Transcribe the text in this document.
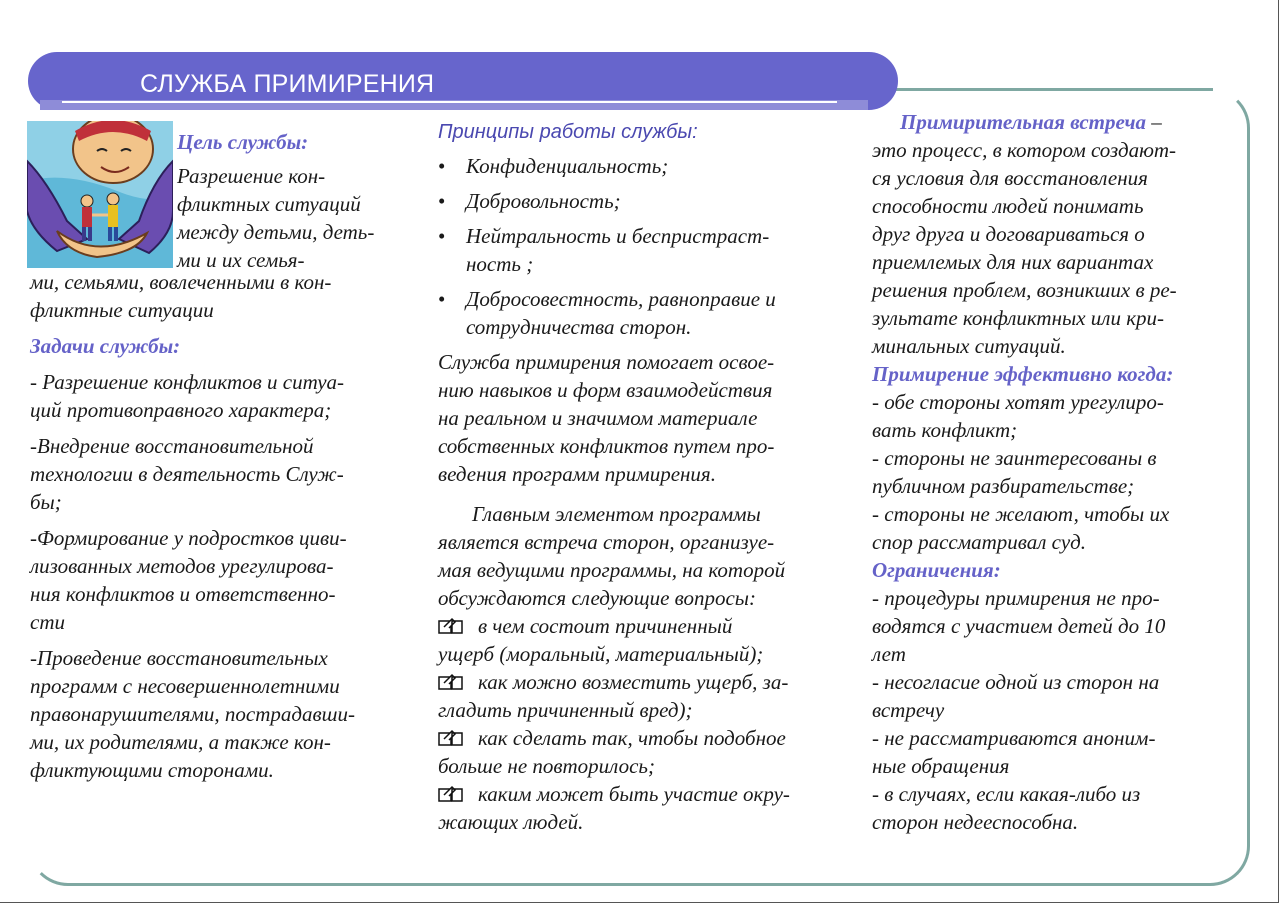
СЛУЖБА ПРИМИРЕНИЯ

Цель службы:

Разрешение кон-

фликтных ситуаций

между детьми, деть-

ми и их семья-

ми, семьями, вовлеченными в кон-

фликтные ситуации

Задачи службы:

- Разрешение конфликтов и ситуа-

ций противоправного характера;

-Внедрение восстановительной

технологии в деятельность Служ-

бы;

-Формирование у подростков циви-

лизованных методов урегулирова-

ния конфликтов и ответственно-

сти

-Проведение восстановительных

программ с несовершеннолетними

правонарушителями, пострадавши-

ми, их родителями, а также кон-

фликтующими сторонами.

Принципы работы службы:

• Конфиденциальность;

• Добровольность;

• Нейтральность и беспристраст-

ность ;

• Добросовестность, равноправие и

сотрудничества сторон.

Служба примирения помогает освое-

нию навыков и форм взаимодействия

на реальном и значимом материале

собственных конфликтов путем про-

ведения программ примирения.

Главным элементом программы

является встреча сторон, организуе-

мая ведущими программы, на которой

обсуждаются следующие вопросы:

в чем состоит причиненный

ущерб (моральный, материальный);

как можно возместить ущерб, за-

гладить причиненный вред);

как сделать так, чтобы подобное

больше не повторилось;

каким может быть участие окру-

жающих людей.

Примирительная встреча –

это процесс, в котором создают-

ся условия для восстановления

способности людей понимать

друг друга и договариваться о

приемлемых для них вариантах

решения проблем, возникших в ре-

зультате конфликтных или кри-

минальных ситуаций.

Примирение эффективно когда:

- обе стороны хотят урегулиро-

вать конфликт;

- стороны не заинтересованы в

публичном разбирательстве;

- стороны не желают, чтобы их

спор рассматривал суд.

Ограничения:

- процедуры примирения не про-

водятся с участием детей до 10

лет

- несогласие одной из сторон на

встречу

- не рассматриваются аноним-

ные обращения

- в случаях, если какая-либо из

сторон недееспособна.
